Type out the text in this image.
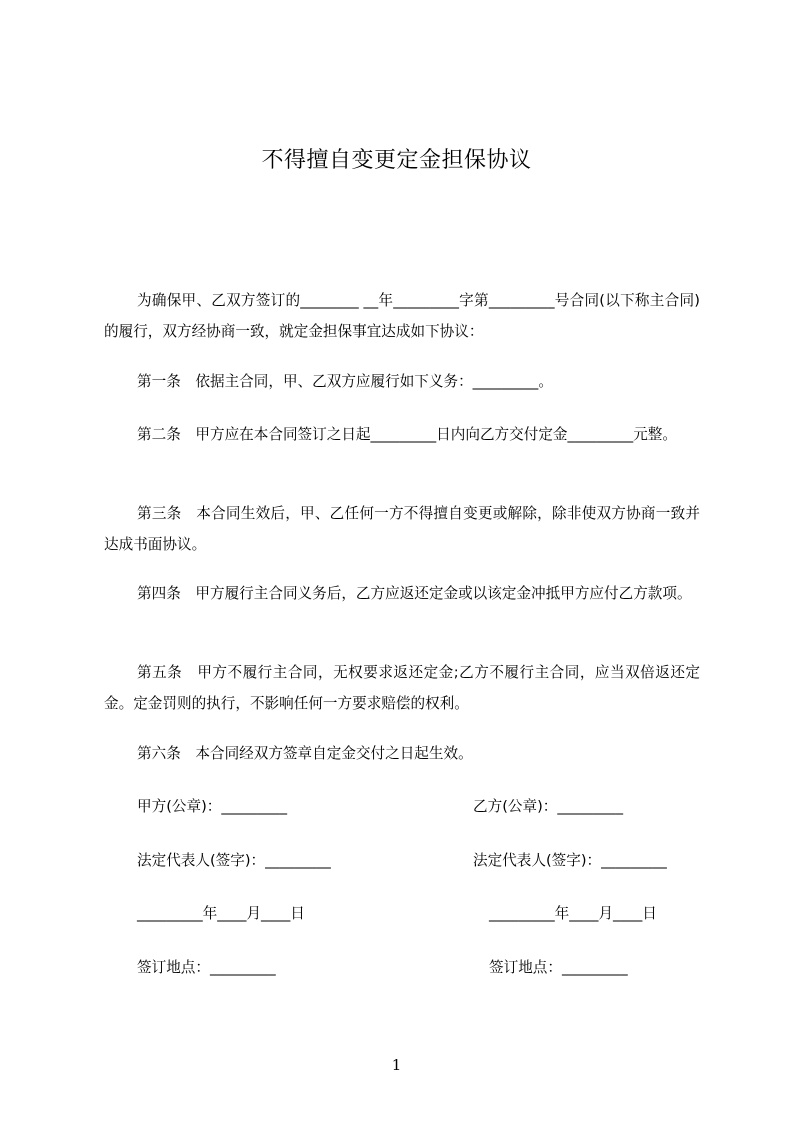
不得擅自变更定金担保协议
为确保甲、乙双方签订的________ __年_________字第_________号合同(以下称主合同)的履行，双方经协商一致，就定金担保事宜达成如下协议：
第一条　依据主合同，甲、乙双方应履行如下义务：_________。
第二条　甲方应在本合同签订之日起_________日内向乙方交付定金_________元整。
第三条　本合同生效后，甲、乙任何一方不得擅自变更或解除，除非使双方协商一致并达成书面协议。
第四条　甲方履行主合同义务后，乙方应返还定金或以该定金冲抵甲方应付乙方款项。
第五条　甲方不履行主合同，无权要求返还定金;乙方不履行主合同，应当双倍返还定金。定金罚则的执行，不影响任何一方要求赔偿的权利。
第六条　本合同经双方签章自定金交付之日起生效。
甲方(公章)：_________	乙方(公章)：_________
法定代表人(签字)：_________	法定代表人(签字)：_________
_________年____月____日	_________年____月____日
签订地点：_________	签订地点：_________
1
